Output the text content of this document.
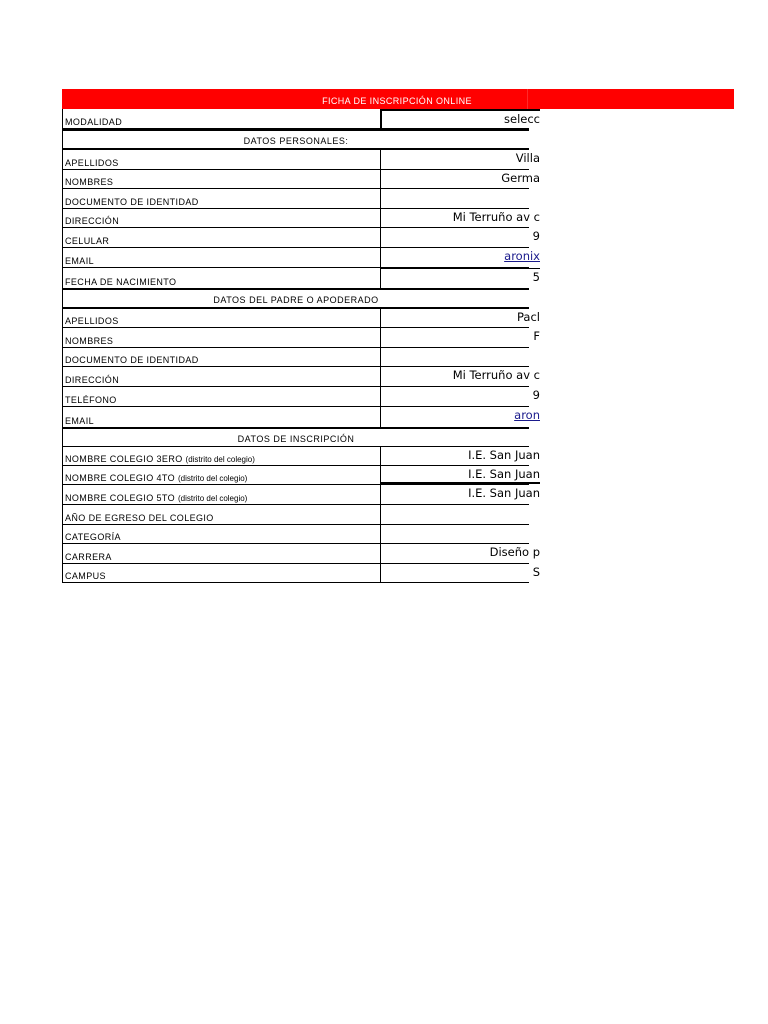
FICHA DE INSCRIPCIÓN ONLINE
MODALIDAD	selecc
DATOS PERSONALES:
APELLIDOS	Villa
NOMBRES	Germa
DOCUMENTO DE IDENTIDAD
DIRECCIÓN	Mi Terruño av c
CELULAR	9
EMAIL	aronix
FECHA DE NACIMIENTO	5
DATOS DEL PADRE O APODERADO
APELLIDOS	Pacl
NOMBRES	F
DOCUMENTO DE IDENTIDAD
DIRECCIÓN	Mi Terruño av c
TELÉFONO	9
EMAIL	aron
DATOS DE INSCRIPCIÓN
NOMBRE COLEGIO 3ERO (distrito del colegio)	I.E. San Juan
NOMBRE COLEGIO 4TO (distrito del colegio)	I.E. San Juan
NOMBRE COLEGIO 5TO (distrito del colegio)	I.E. San Juan
AÑO DE EGRESO DEL COLEGIO
CATEGORÍA
CARRERA	Diseño p
CAMPUS	S
